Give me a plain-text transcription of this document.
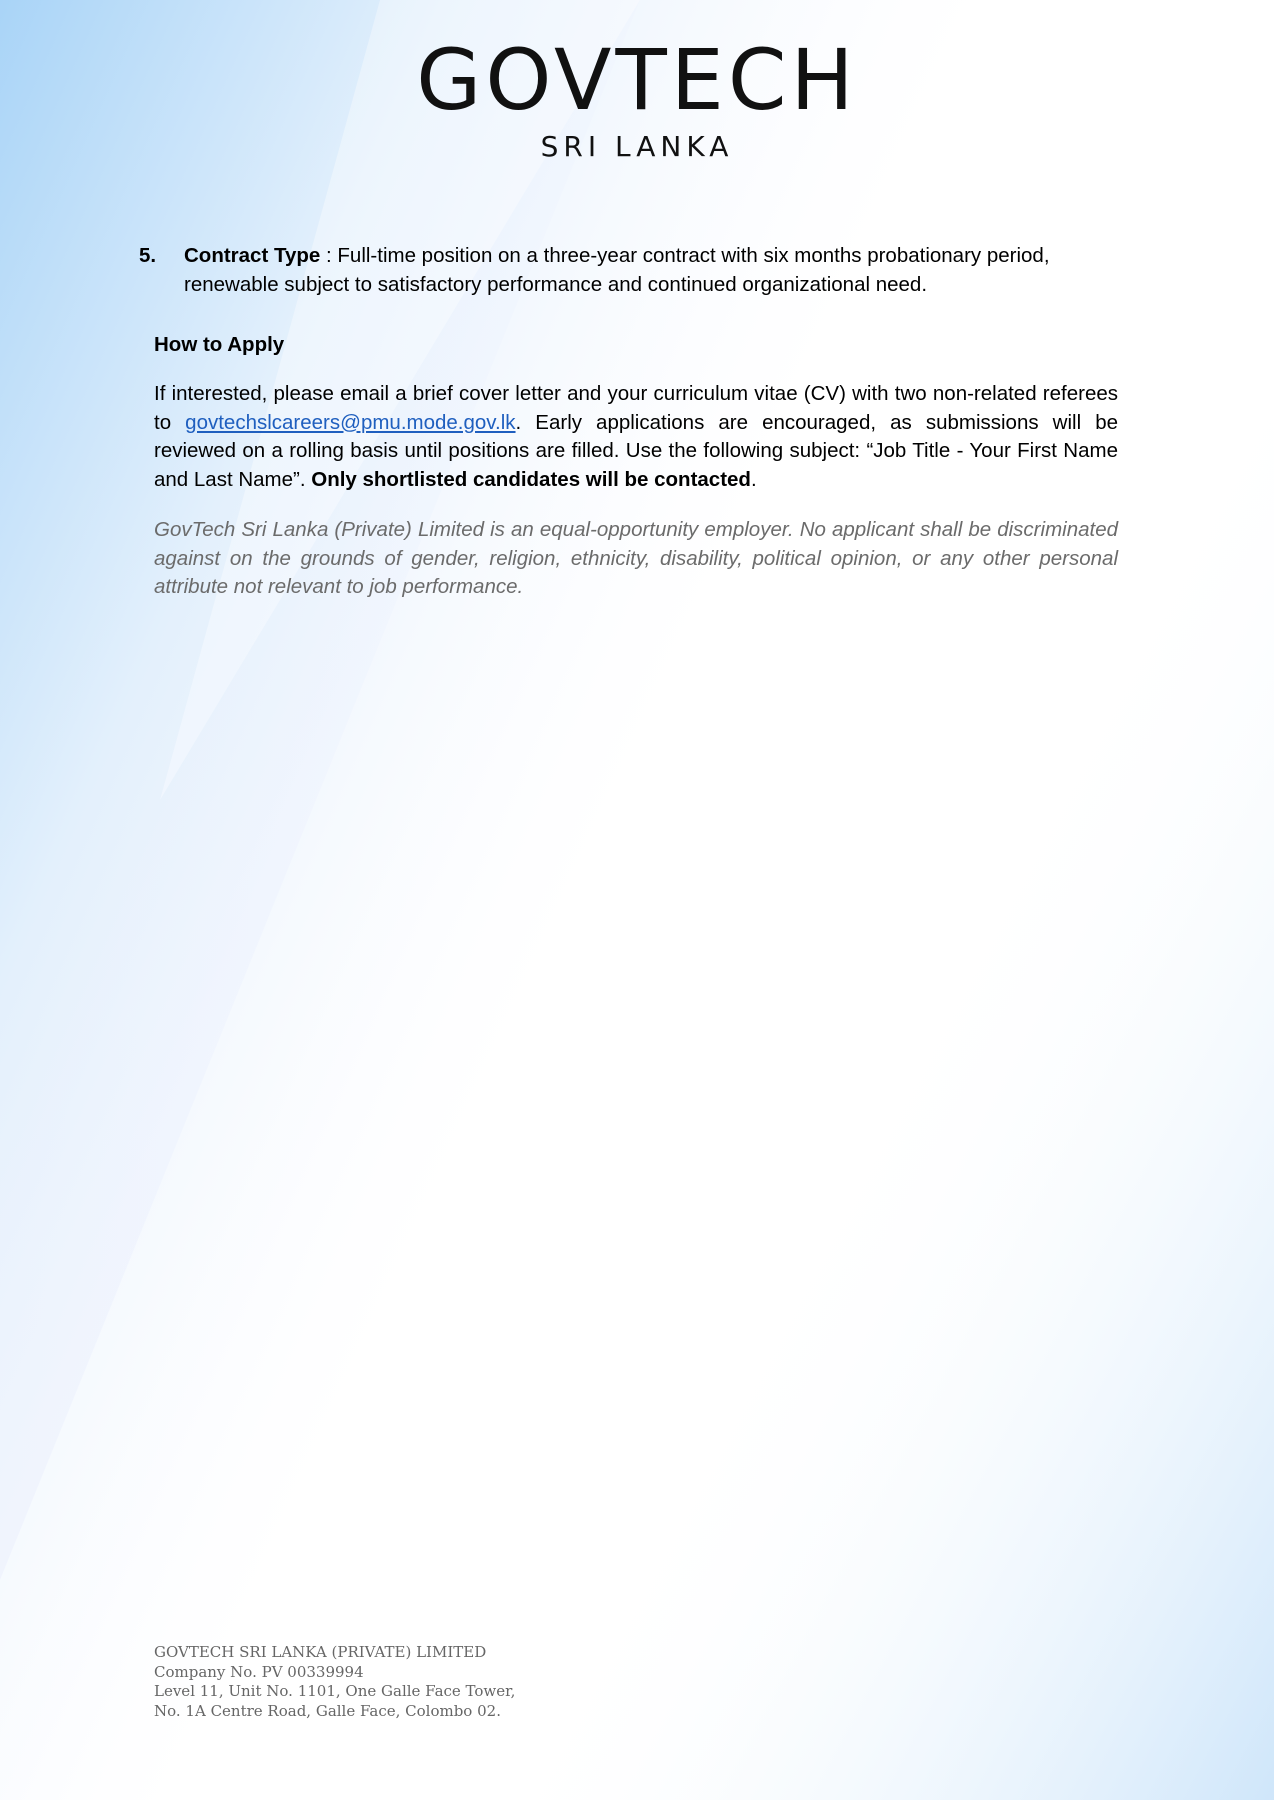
GOVTECH
SRI LANKA
5. Contract Type : Full-time position on a three-year contract with six months probationary period, renewable subject to satisfactory performance and continued organizational need.
How to Apply
If interested, please email a brief cover letter and your curriculum vitae (CV) with two non-related referees to govtechslcareers@pmu.mode.gov.lk. Early applications are encouraged, as submissions will be reviewed on a rolling basis until positions are filled. Use the following subject: “Job Title - Your First Name and Last Name”. Only shortlisted candidates will be contacted.
GovTech Sri Lanka (Private) Limited is an equal-opportunity employer. No applicant shall be discriminated against on the grounds of gender, religion, ethnicity, disability, political opinion, or any other personal attribute not relevant to job performance.
GOVTECH SRI LANKA (PRIVATE) LIMITED
Company No. PV 00339994
Level 11, Unit No. 1101, One Galle Face Tower,
No. 1A Centre Road, Galle Face, Colombo 02.
